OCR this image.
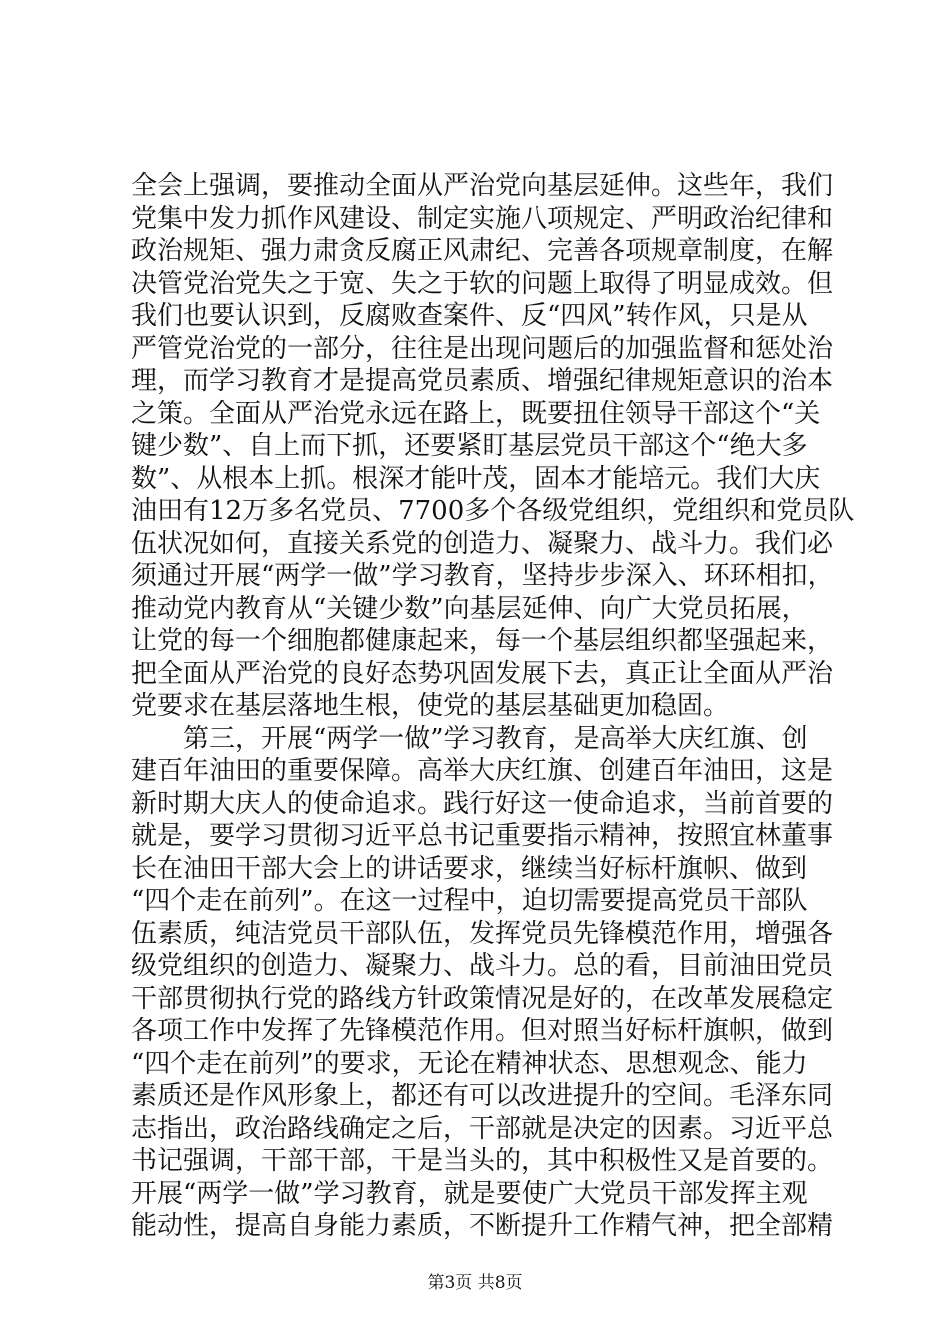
全会上强调，要推动全面从严治党向基层延伸。这些年，我们
党集中发力抓作风建设、制定实施八项规定、严明政治纪律和
政治规矩、强力肃贪反腐正风肃纪、完善各项规章制度，在解
决管党治党失之于宽、失之于软的问题上取得了明显成效。但
我们也要认识到，反腐败查案件、反“四风”转作风，只是从
严管党治党的一部分，往往是出现问题后的加强监督和惩处治
理，而学习教育才是提高党员素质、增强纪律规矩意识的治本
之策。全面从严治党永远在路上，既要扭住领导干部这个“关
键少数”、自上而下抓，还要紧盯基层党员干部这个“绝大多
数”、从根本上抓。根深才能叶茂，固本才能培元。我们大庆
油田有12万多名党员、7700多个各级党组织，党组织和党员队
伍状况如何，直接关系党的创造力、凝聚力、战斗力。我们必
须通过开展“两学一做”学习教育，坚持步步深入、环环相扣，
推动党内教育从“关键少数”向基层延伸、向广大党员拓展，
让党的每一个细胞都健康起来，每一个基层组织都坚强起来，
把全面从严治党的良好态势巩固发展下去，真正让全面从严治
党要求在基层落地生根，使党的基层基础更加稳固。
　　第三，开展“两学一做”学习教育，是高举大庆红旗、创
建百年油田的重要保障。高举大庆红旗、创建百年油田，这是
新时期大庆人的使命追求。践行好这一使命追求，当前首要的
就是，要学习贯彻习近平总书记重要指示精神，按照宜林董事
长在油田干部大会上的讲话要求，继续当好标杆旗帜、做到
“四个走在前列”。在这一过程中，迫切需要提高党员干部队
伍素质，纯洁党员干部队伍，发挥党员先锋模范作用，增强各
级党组织的创造力、凝聚力、战斗力。总的看，目前油田党员
干部贯彻执行党的路线方针政策情况是好的，在改革发展稳定
各项工作中发挥了先锋模范作用。但对照当好标杆旗帜，做到
“四个走在前列”的要求，无论在精神状态、思想观念、能力
素质还是作风形象上，都还有可以改进提升的空间。毛泽东同
志指出，政治路线确定之后，干部就是决定的因素。习近平总
书记强调，干部干部，干是当头的，其中积极性又是首要的。
开展“两学一做”学习教育，就是要使广大党员干部发挥主观
能动性，提高自身能力素质，不断提升工作精气神，把全部精
第3页 共8页
